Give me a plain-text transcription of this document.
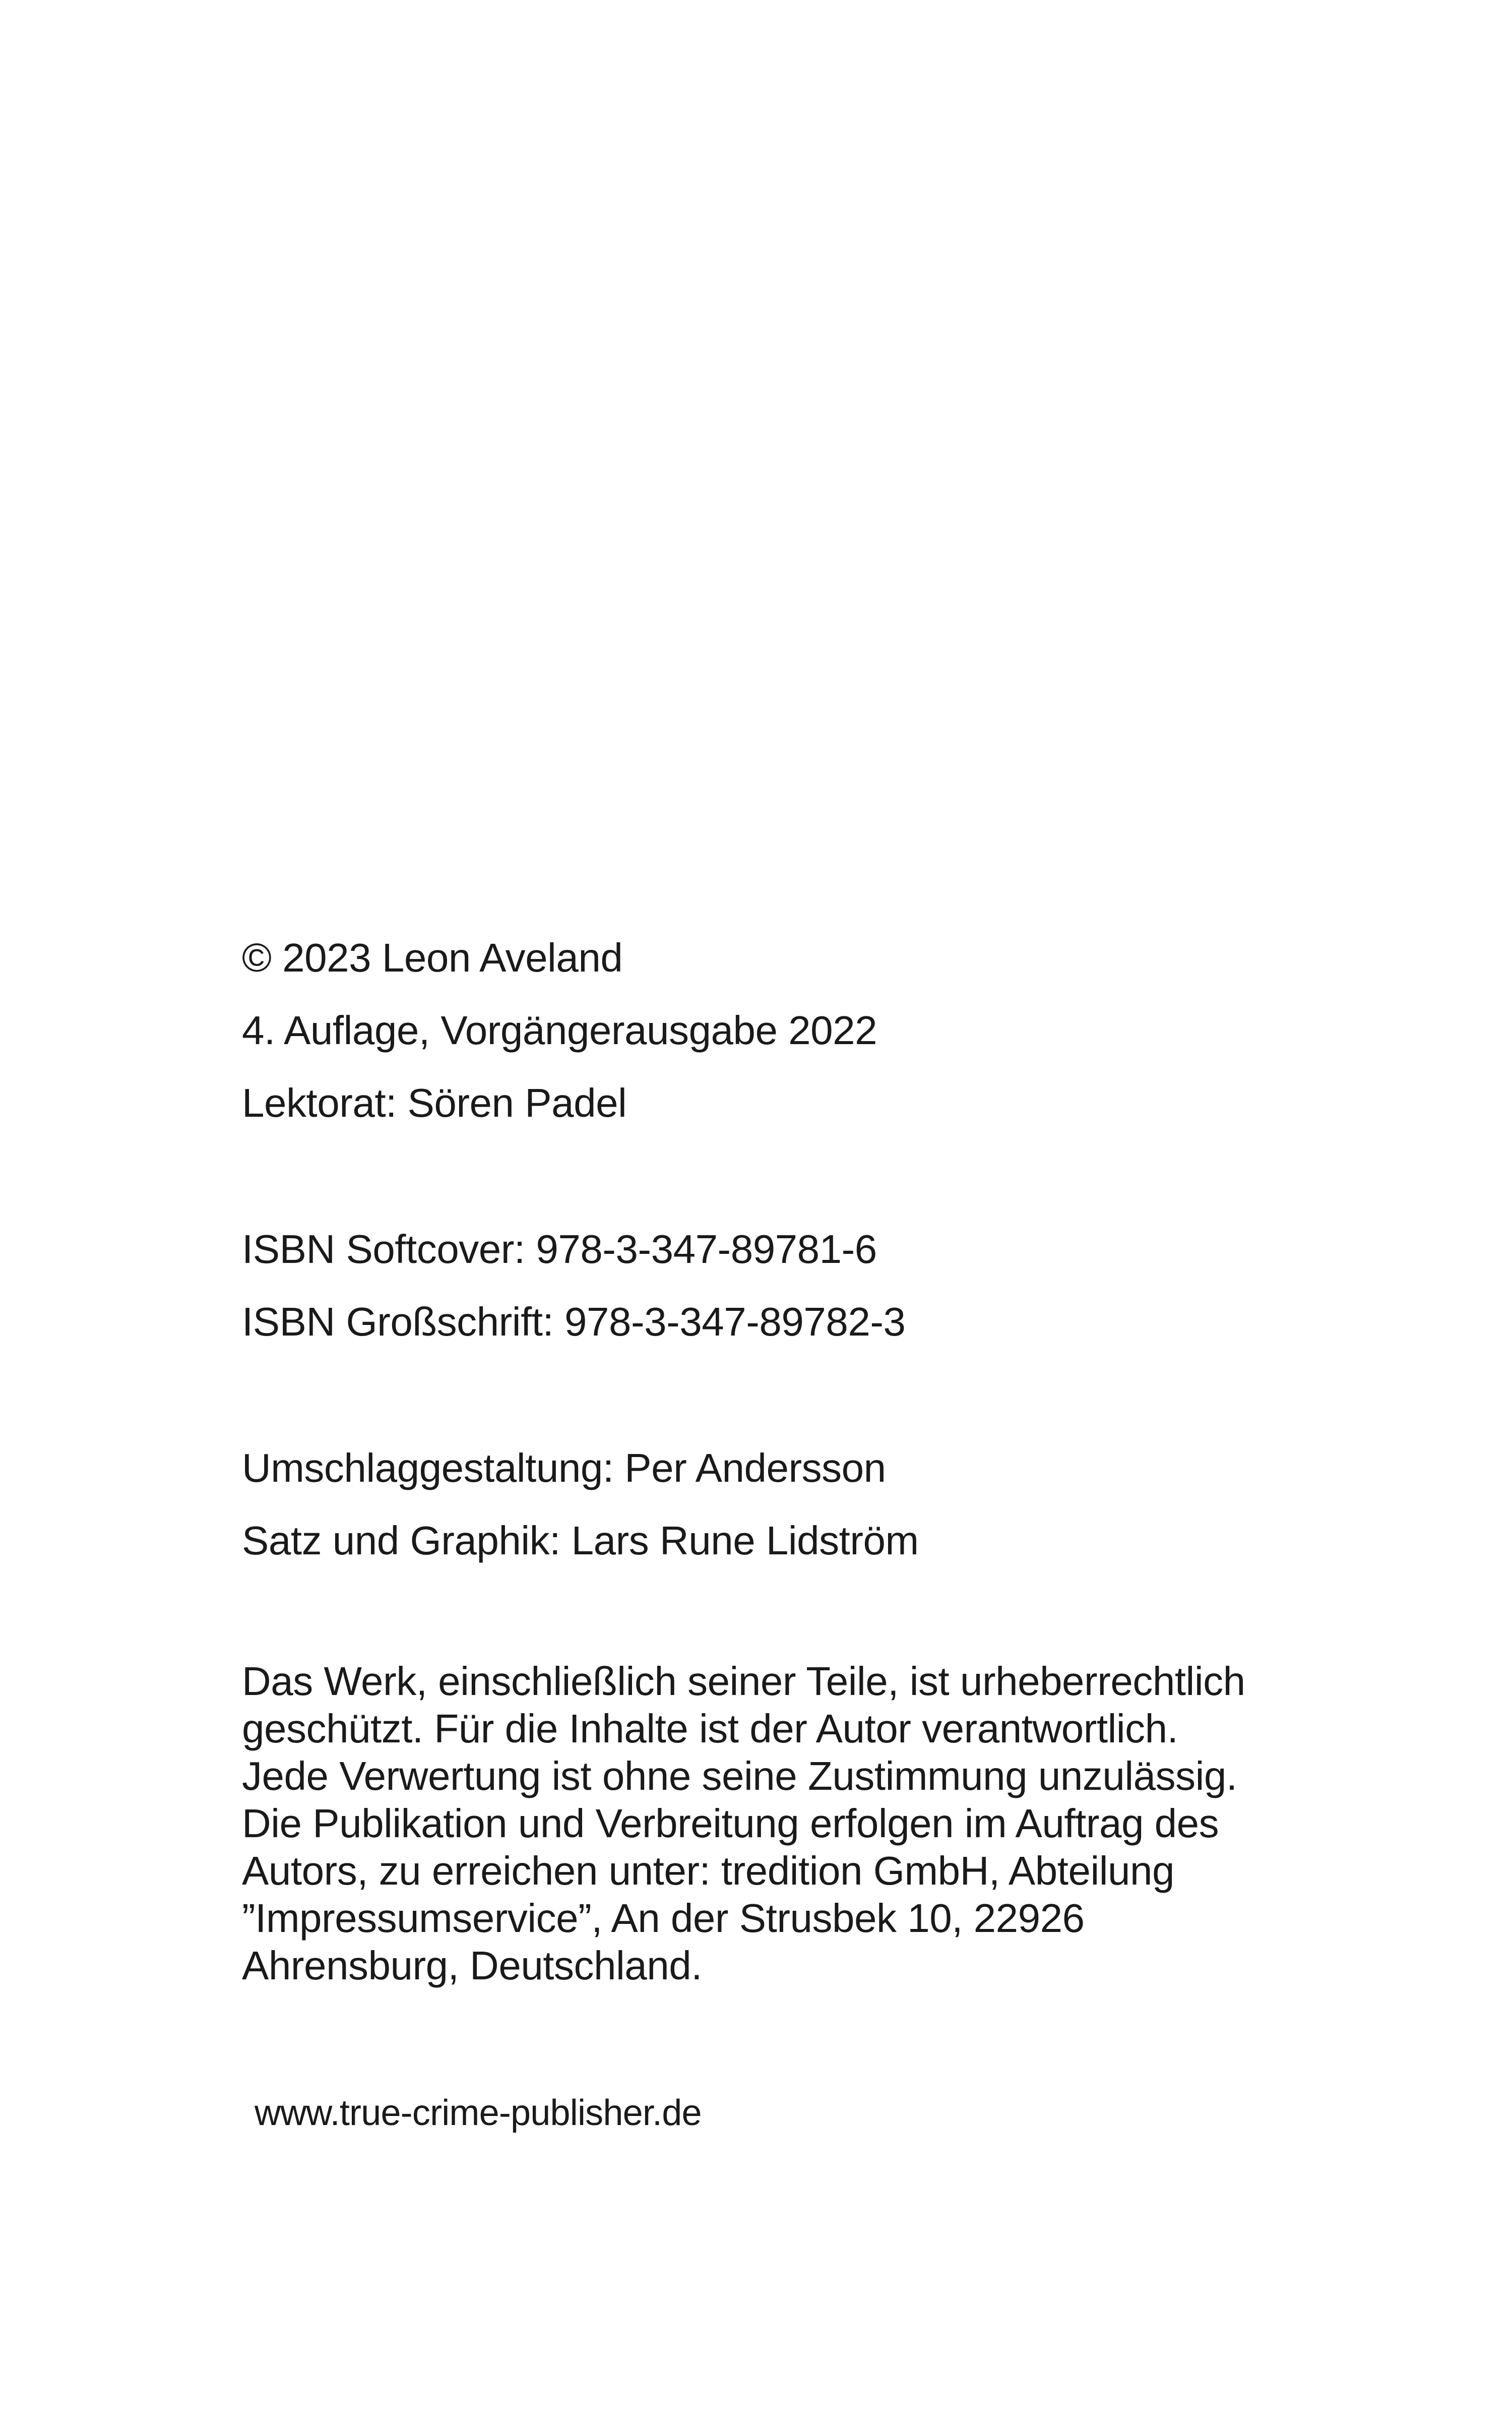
© 2023 Leon Aveland
4. Auflage, Vorgängerausgabe 2022
Lektorat: Sören Padel
ISBN Softcover: 978-3-347-89781-6
ISBN Großschrift: 978-3-347-89782-3
Umschlaggestaltung: Per Andersson
Satz und Graphik: Lars Rune Lidström

Das Werk, einschließlich seiner Teile, ist urheberrechtlich
geschützt. Für die Inhalte ist der Autor verantwortlich.
Jede Verwertung ist ohne seine Zustimmung unzulässig.
Die Publikation und Verbreitung erfolgen im Auftrag des
Autors, zu erreichen unter: tredition GmbH, Abteilung
”Impressumservice”, An der Strusbek 10, 22926
Ahrensburg, Deutschland.

www.true-crime-publisher.de
